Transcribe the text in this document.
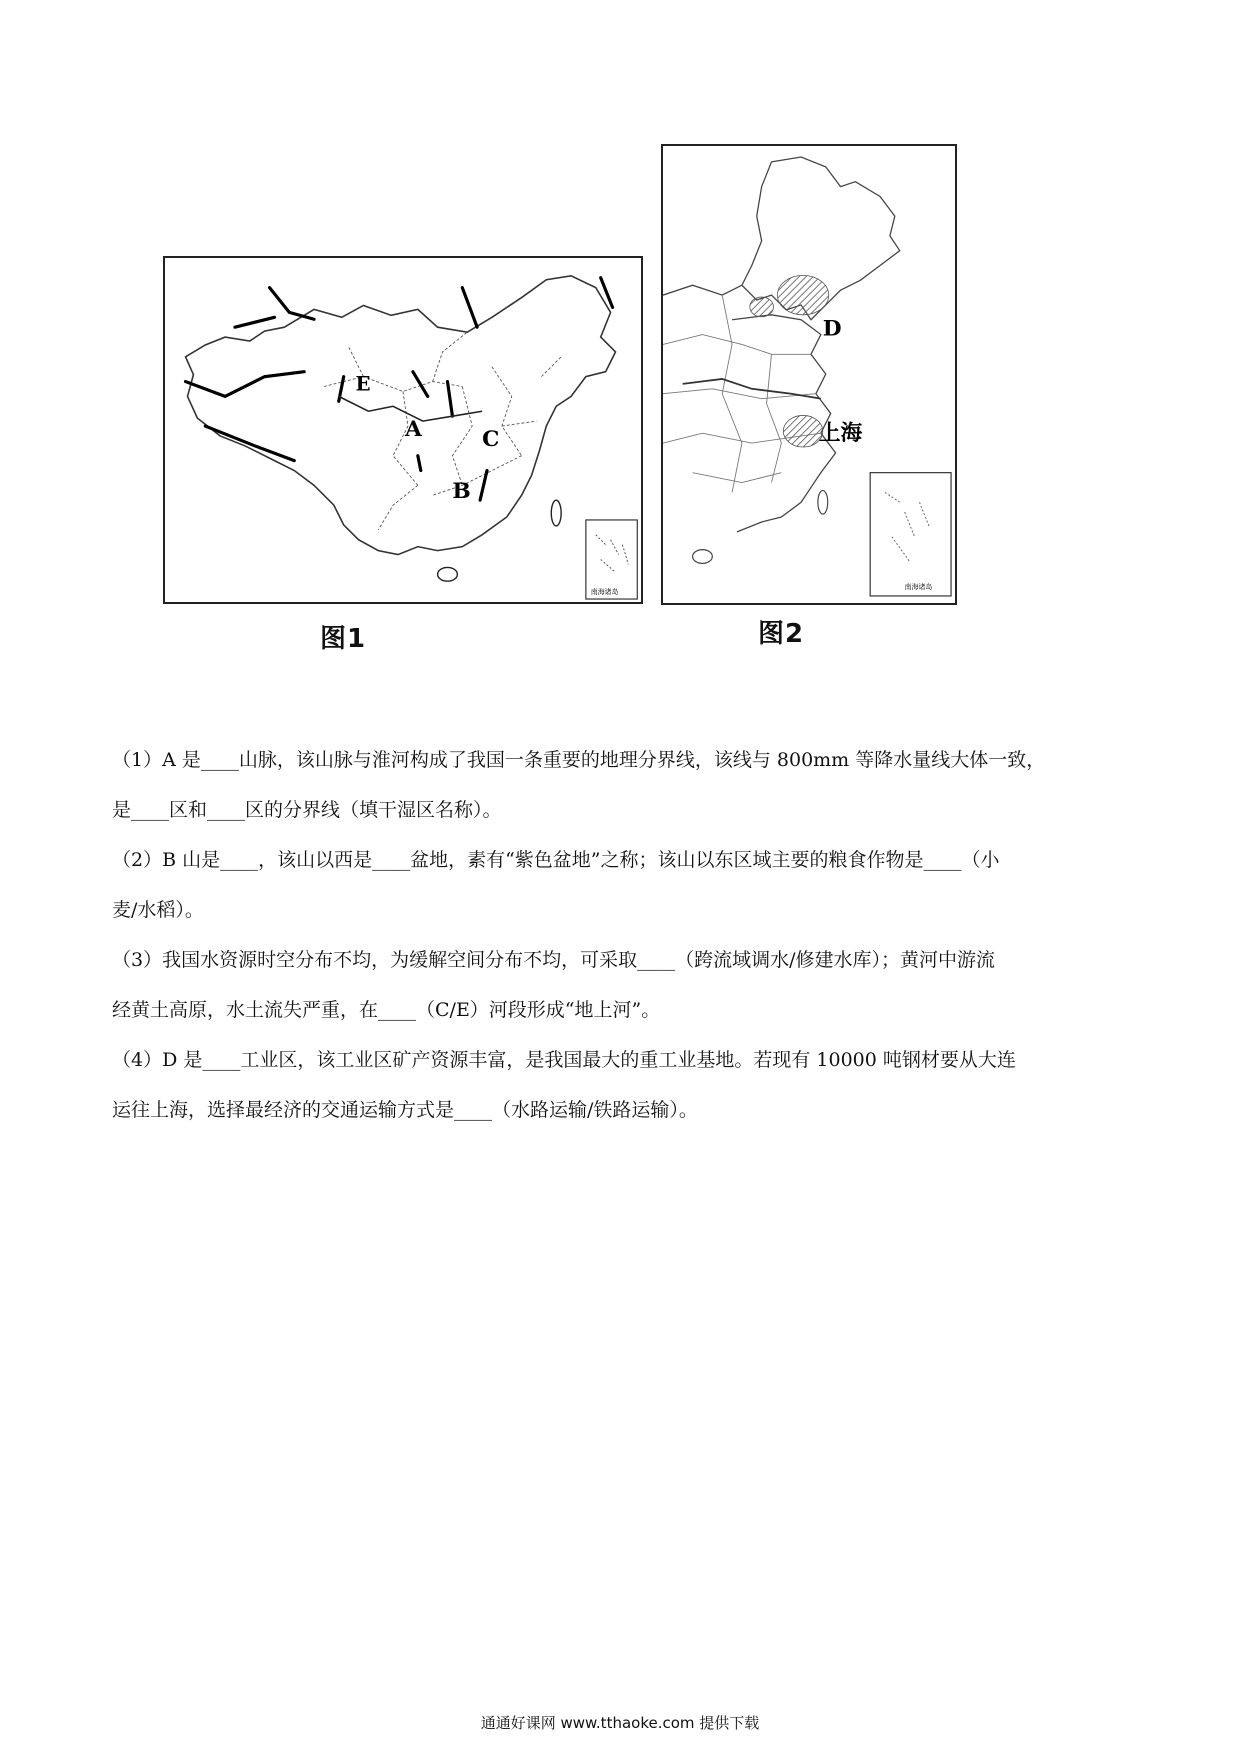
南海诸岛
E
A	C
B
图1
南海诸岛
D
上海
图2
（1）A 是____山脉，该山脉与淮河构成了我国一条重要的地理分界线，该线与 800mm 等降水量线大体一致，
是____区和____区的分界线（填干湿区名称）。
（2）B 山是____，该山以西是____盆地，素有“紫色盆地”之称；该山以东区域主要的粮食作物是____（小
麦/水稻）。
（3）我国水资源时空分布不均，为缓解空间分布不均，可采取____（跨流域调水/修建水库）；黄河中游流
经黄土高原，水土流失严重，在____（C/E）河段形成“地上河”。
（4）D 是____工业区，该工业区矿产资源丰富，是我国最大的重工业基地。若现有 10000 吨钢材要从大连
运往上海，选择最经济的交通运输方式是____（水路运输/铁路运输）。
通通好课网 www.tthaoke.com 提供下载
